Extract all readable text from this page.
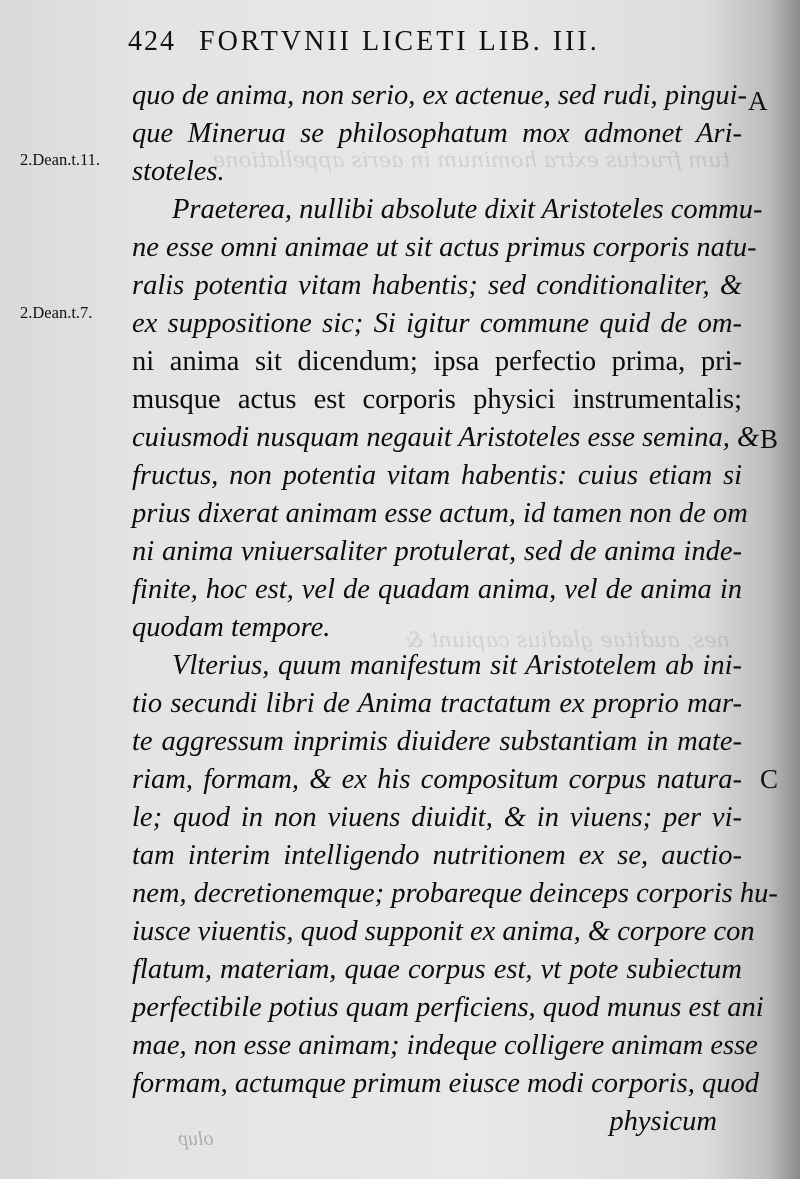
tum fructus extra hominum in aeris appellatione

nes, auditae gladius capiunt &
424 FORTVNII LICETI LIB. III.
2.Dean.t.11.
2.Dean.t.7.
A
B
C
quo de anima, non serio, ex actenue, sed rudi, pingui-
que Minerua se philosophatum mox admonet Ari-
stoteles.
Praeterea, nullibi absolute dixit Aristoteles commu-
ne esse omni animae ut sit actus primus corporis natu-
ralis potentia vitam habentis; sed conditionaliter, &
ex suppositione sic; Si igitur commune quid de om-
ni anima sit dicendum; ipsa perfectio prima, pri-
musque actus est corporis physici instrumentalis;
cuiusmodi nusquam negauit Aristoteles esse semina, &
fructus, non potentia vitam habentis: cuius etiam si
prius dixerat animam esse actum, id tamen non de om
ni anima vniuersaliter protulerat, sed de anima inde-
finite, hoc est, vel de quadam anima, vel de anima in
quodam tempore.
Vlterius, quum manifestum sit Aristotelem ab ini-
tio secundi libri de Anima tractatum ex proprio mar-
te aggressum inprimis diuidere substantiam in mate-
riam, formam, & ex his compositum corpus natura-
le; quod in non viuens diuidit, & in viuens; per vi-
tam interim intelligendo nutritionem ex se, auctio-
nem, decretionemque; probareque deinceps corporis hu-
iusce viuentis, quod supponit ex anima, & corpore con
flatum, materiam, quae corpus est, vt pote subiectum
perfectibile potius quam perficiens, quod munus est ani
mae, non esse animam; indeque colligere animam esse
formam, actumque primum eiusce modi corporis, quod
physicum
olup
